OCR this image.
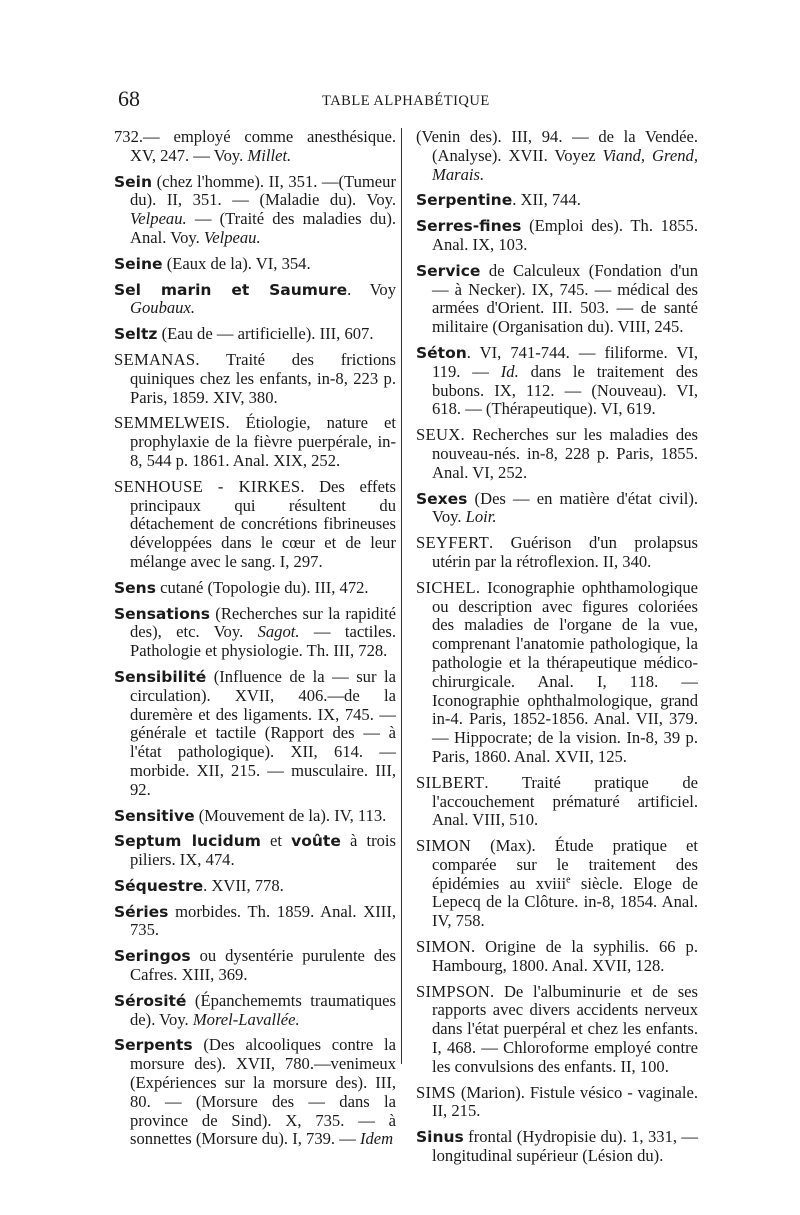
68	TABLE ALPHABÉTIQUE

732.— employé comme anesthésique. XV, 247. — Voy. Millet.

Sein (chez l'homme). II, 351. —(Tumeur du). II, 351. — (Maladie du). Voy. Velpeau. — (Traité des maladies du). Anal. Voy. Velpeau.

Seine (Eaux de la). VI, 354.

Sel marin et Saumure. Voy Goubaux.

Seltz (Eau de — artificielle). III, 607.

SEMANAS. Traité des frictions quiniques chez les enfants, in-8, 223 p. Paris, 1859. XIV, 380.

SEMMELWEIS. Étiologie, nature et prophylaxie de la fièvre puerpérale, in-8, 544 p. 1861. Anal. XIX, 252.

SENHOUSE - KIRKES. Des effets principaux qui résultent du détachement de concrétions fibrineuses développées dans le cœur et de leur mélange avec le sang. I, 297.

Sens cutané (Topologie du). III, 472.

Sensations (Recherches sur la rapidité des), etc. Voy. Sagot. — tactiles. Pathologie et physiologie. Th. III, 728.

Sensibilité (Influence de la — sur la circulation). XVII, 406.—de la duremère et des ligaments. IX, 745. — générale et tactile (Rapport des — à l'état pathologique). XII, 614. — morbide. XII, 215. — musculaire. III, 92.

Sensitive (Mouvement de la). IV, 113.

Septum lucidum et voûte à trois piliers. IX, 474.

Séquestre. XVII, 778.

Séries morbides. Th. 1859. Anal. XIII, 735.

Seringos ou dysentérie purulente des Cafres. XIII, 369.

Sérosité (Épanchememts traumatiques de). Voy. Morel-Lavallée.

Serpents (Des alcooliques contre la morsure des). XVII, 780.—venimeux (Expériences sur la morsure des). III, 80. — (Morsure des — dans la province de Sind). X, 735. — à sonnettes (Morsure du). I, 739. — Idem

(Venin des). III, 94. — de la Vendée. (Analyse). XVII. Voyez Viand, Grend, Marais.

Serpentine. XII, 744.

Serres-fines (Emploi des). Th. 1855. Anal. IX, 103.

Service de Calculeux (Fondation d'un — à Necker). IX, 745. — médical des armées d'Orient. III. 503. — de santé militaire (Organisation du). VIII, 245.

Séton. VI, 741-744. — filiforme. VI, 119. — Id. dans le traitement des bubons. IX, 112. — (Nouveau). VI, 618. — (Thérapeutique). VI, 619.

SEUX. Recherches sur les maladies des nouveau-nés. in-8, 228 p. Paris, 1855. Anal. VI, 252.

Sexes (Des — en matière d'état civil). Voy. Loir.

SEYFERT. Guérison d'un prolapsus utérin par la rétroflexion. II, 340.

SICHEL. Iconographie ophthamologique ou description avec figures coloriées des maladies de l'organe de la vue, comprenant l'anatomie pathologique, la pathologie et la thérapeutique médico-chirurgicale. Anal. I, 118. — Iconographie ophthalmologique, grand in-4. Paris, 1852-1856. Anal. VII, 379. — Hippocrate; de la vision. In-8, 39 p. Paris, 1860. Anal. XVII, 125.

SILBERT. Traité pratique de l'accouchement prématuré artificiel. Anal. VIII, 510.

SIMON (Max). Étude pratique et comparée sur le traitement des épidémies au xviii$^e$ siècle. Eloge de Lepecq de la Clôture. in-8, 1854. Anal. IV, 758.

SIMON. Origine de la syphilis. 66 p. Hambourg, 1800. Anal. XVII, 128.

SIMPSON. De l'albuminurie et de ses rapports avec divers accidents nerveux dans l'état puerpéral et chez les enfants. I, 468. — Chloroforme employé contre les convulsions des enfants. II, 100.

SIMS (Marion). Fistule vésico - vaginale. II, 215.

Sinus frontal (Hydropisie du). 1, 331, —longitudinal supérieur (Lésion du).
